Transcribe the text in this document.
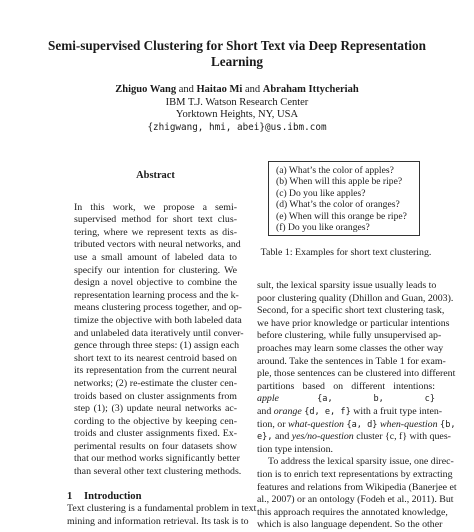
Semi-supervised Clustering for Short Text via Deep Representation
Learning
Zhiguo Wang and Haitao Mi and Abraham Ittycheriah
IBM T.J. Watson Research Center
Yorktown Heights, NY, USA
{zhigwang, hmi, abei}@us.ibm.com
Abstract
In this work, we propose a semi-
supervised method for short text clus-
tering, where we represent texts as dis-
tributed vectors with neural networks, and
use a small amount of labeled data to
specify our intention for clustering. We
design a novel objective to combine the
representation learning process and the k-
means clustering process together, and op-
timize the objective with both labeled data
and unlabeled data iteratively until conver-
gence through three steps: (1) assign each
short text to its nearest centroid based on
its representation from the current neural
networks; (2) re-estimate the cluster cen-
troids based on cluster assignments from
step (1); (3) update neural networks ac-
cording to the objective by keeping cen-
troids and cluster assignments fixed. Ex-
perimental results on four datasets show
that our method works significantly better
than several other text clustering methods.
1 Introduction
Text clustering is a fundamental problem in text
mining and information retrieval. Its task is to
(a) What’s the color of apples?
(b) When will this apple be ripe?
(c) Do you like apples?
(d) What’s the color of oranges?
(e) When will this orange be ripe?
(f) Do you like oranges?
Table 1: Examples for short text clustering.
sult, the lexical sparsity issue usually leads to
poor clustering quality (Dhillon and Guan, 2003).
Second, for a specific short text clustering task,
we have prior knowledge or particular intentions
before clustering, while fully unsupervised ap-
proaches may learn some classes the other way
around. Take the sentences in Table 1 for exam-
ple, those sentences can be clustered into different
partitions based on different intentions:
apple	{a, b, c}
and orange {d, e, f} with a fruit type inten-
tion, or what-question {a, d} when-question {b,
e}, and yes/no-question cluster {c, f} with ques-
tion type intension.
To address the lexical sparsity issue, one direc-
tion is to enrich text representations by extracting
features and relations from Wikipedia (Banerjee et
al., 2007) or an ontology (Fodeh et al., 2011). But
this approach requires the annotated knowledge,
which is also language dependent. So the other
